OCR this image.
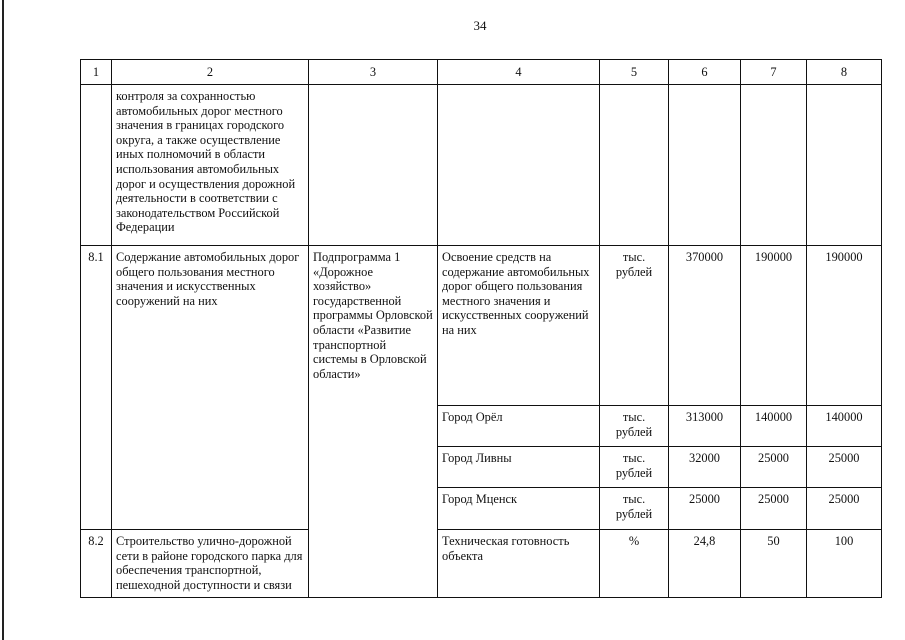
34
1	2	3	4	5	6	7	8
	контроля за сохранностью автомобильных дорог местного значения в границах городского округа, а также осуществление иных полномочий в области использования автомобильных дорог и осуществления дорожной деятельности в соответствии с законодательством Российской Федерации						
8.1	Содержание автомобильных дорог общего пользования местного значения и искусственных сооружений на них	Подпрограмма 1 «Дорожное хозяйство» государственной программы Орловской области «Развитие транспортной системы в Орловской области»	Освоение средств на содержание автомобильных дорог общего пользования местного значения и искусственных сооружений на них	тыс. рублей	370000	190000	190000
			Город Орёл	тыс. рублей	313000	140000	140000
			Город Ливны	тыс. рублей	32000	25000	25000
			Город Мценск	тыс. рублей	25000	25000	25000
8.2	Строительство улично-дорожной сети в районе городского парка для обеспечения транспортной, пешеходной доступности и связи		Техническая готовность объекта	%	24,8	50	100
